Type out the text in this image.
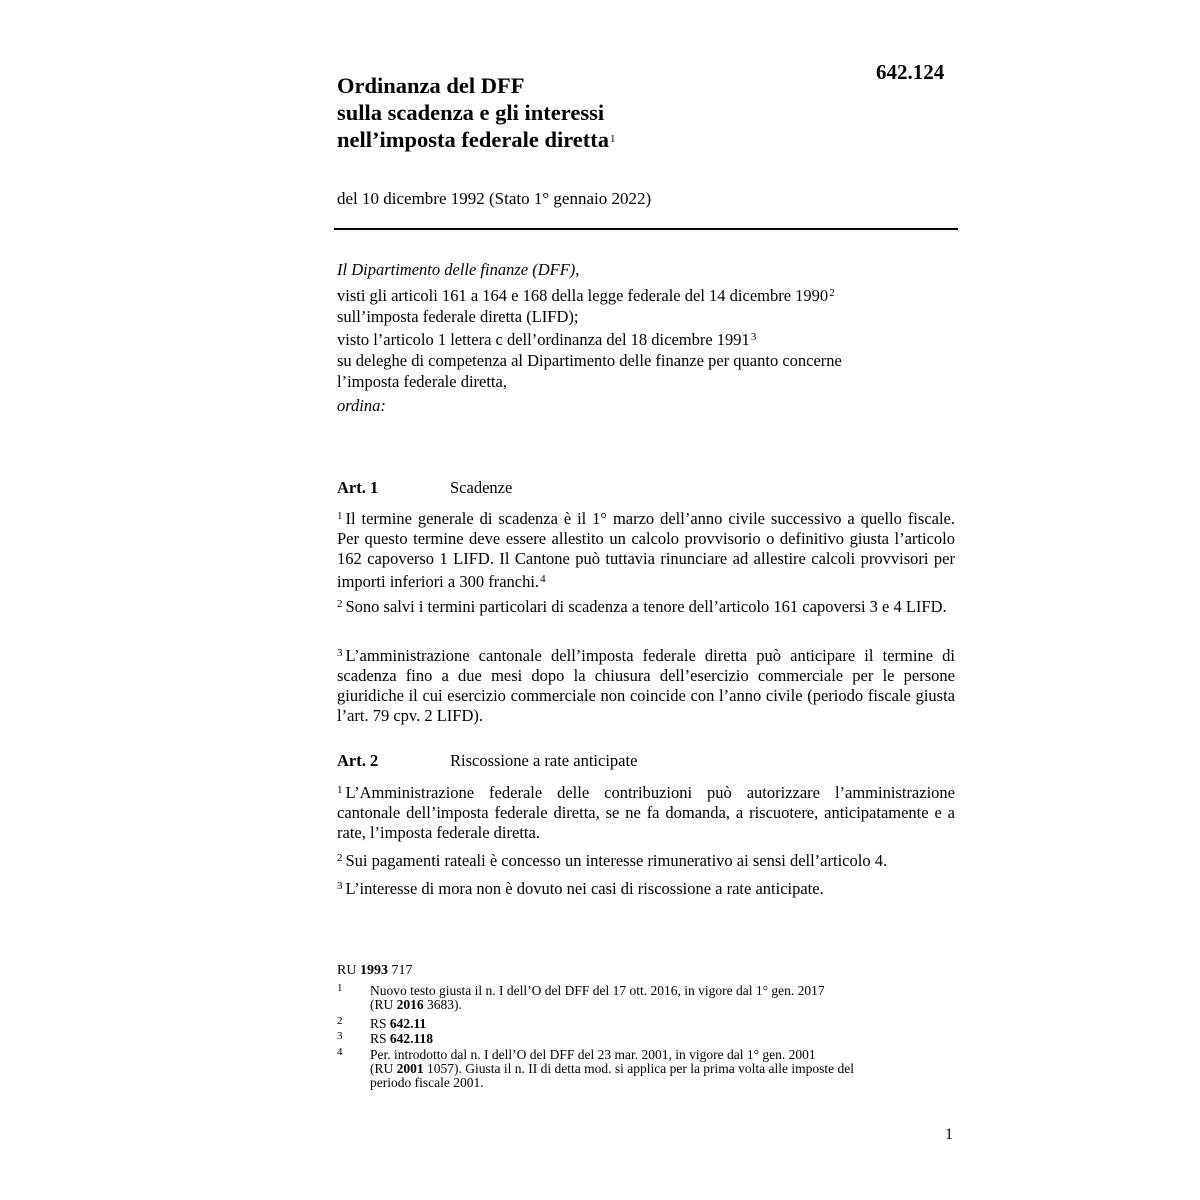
642.124
Ordinanza del DFF
sulla scadenza e gli interessi
nell’imposta federale diretta$^1$
del 10 dicembre 1992 (Stato 1° gennaio 2022)
Il Dipartimento delle finanze (DFF),
visti gli articoli 161 a 164 e 168 della legge federale del 14 dicembre 1990$^2$
sull’imposta federale diretta (LIFD);
visto l’articolo 1 lettera c dell’ordinanza del 18 dicembre 1991$^3$
su deleghe di competenza al Dipartimento delle finanze per quanto concerne
l’imposta federale diretta,
ordina:
Art. 1	Scadenze
$^1$ Il termine generale di scadenza è il 1° marzo dell’anno civile successivo a quello fiscale. Per questo termine deve essere allestito un calcolo provvisorio o definitivo giusta l’articolo 162 capoverso 1 LIFD. Il Cantone può tuttavia rinunciare ad allestire calcoli provvisori per importi inferiori a 300 franchi.$^4$
$^2$ Sono salvi i termini particolari di scadenza a tenore dell’articolo 161 capoversi 3 e 4 LIFD.
$^3$ L’amministrazione cantonale dell’imposta federale diretta può anticipare il termine di scadenza fino a due mesi dopo la chiusura dell’esercizio commerciale per le persone giuridiche il cui esercizio commerciale non coincide con l’anno civile (periodo fiscale giusta l’art. 79 cpv. 2 LIFD).
Art. 2	Riscossione a rate anticipate
$^1$ L’Amministrazione federale delle contribuzioni può autorizzare l’amministrazione cantonale dell’imposta federale diretta, se ne fa domanda, a riscuotere, anticipatamente e a rate, l’imposta federale diretta.
$^2$ Sui pagamenti rateali è concesso un interesse rimunerativo ai sensi dell’articolo 4.
$^3$ L’interesse di mora non è dovuto nei casi di riscossione a rate anticipate.
RU 1993 717
1 Nuovo testo giusta il n. I dell’O del DFF del 17 ott. 2016, in vigore dal 1° gen. 2017
(RU 2016 3683).
2 RS 642.11
3 RS 642.118
4 Per. introdotto dal n. I dell’O del DFF del 23 mar. 2001, in vigore dal 1° gen. 2001
(RU 2001 1057). Giusta il n. II di detta mod. si applica per la prima volta alle imposte del
periodo fiscale 2001.
1
